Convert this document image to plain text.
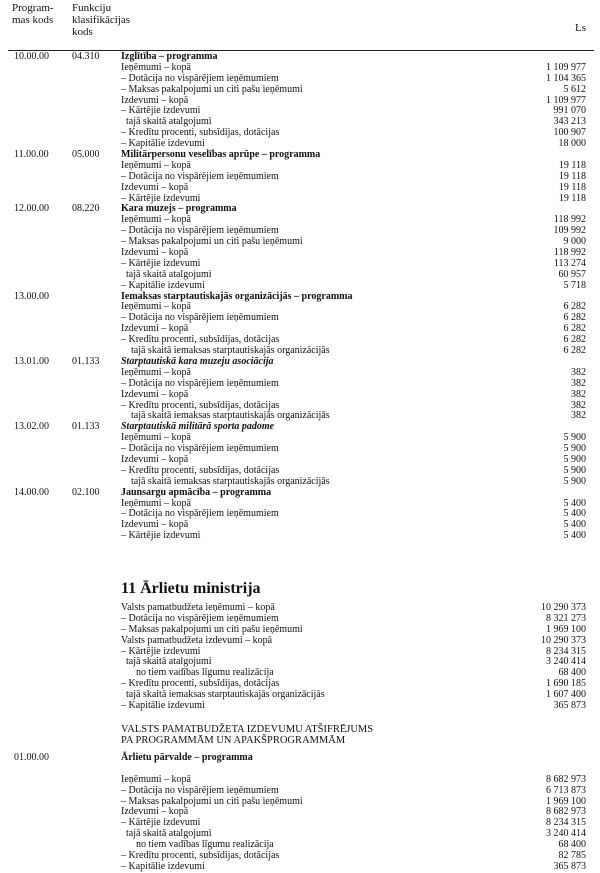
Program-
mas kods
Funkciju
klasifikācijas
kods	Ls
10.00.00 04.310 Izglītība – programma
Ieņēmumi – kopā	1 109 977
– Dotācija no vispārējiem ieņēmumiem	1 104 365
– Maksas pakalpojumi un citi pašu ieņēmumi	5 612
Izdevumi – kopā	1 109 977
– Kārtējie izdevumi	991 070
tajā skaitā atalgojumi	343 213
– Kredītu procenti, subsīdijas, dotācijas	100 907
– Kapitālie izdevumi	18 000
11.00.00 05.000 Militārpersonu veselības aprūpe – programma
Ieņēmumi – kopā	19 118
– Dotācija no vispārējiem ieņēmumiem	19 118
Izdevumi – kopā	19 118
– Kārtējie izdevumi	19 118
12.00.00 08.220 Kara muzejs – programma
Ieņēmumi – kopā	118 992
– Dotācija no vispārējiem ieņēmumiem	109 992
– Maksas pakalpojumi un citi pašu ieņēmumi	9 000
Izdevumi – kopā	118 992
– Kārtējie izdevumi	113 274
tajā skaitā atalgojumi	60 957
– Kapitālie izdevumi	5 718
13.00.00	Iemaksas starptautiskajās organizācijās – programma
Ieņēmumi – kopā	6 282
– Dotācija no vispārējiem ieņēmumiem	6 282
Izdevumi – kopā	6 282
– Kredītu procenti, subsīdijas, dotācijas	6 282
tajā skaitā iemaksas starptautiskajās organizācijās	6 282
13.01.00 01.133 Starptautiskā kara muzeju asociācija
Ieņēmumi – kopā	382
– Dotācija no vispārējiem ieņēmumiem	382
Izdevumi – kopā	382
– Kredītu procenti, subsīdijas, dotācijas	382
tajā skaitā iemaksas starptautiskajās organizācijās	382
13.02.00 01.133 Starptautiskā militārā sporta padome
Ieņēmumi – kopā	5 900
– Dotācija no vispārējiem ieņēmumiem	5 900
Izdevumi – kopā	5 900
– Kredītu procenti, subsīdijas, dotācijas	5 900
tajā skaitā iemaksas starptautiskajās organizācijās	5 900
14.00.00 02.100 Jaunsargu apmācība – programma
Ieņēmumi – kopā	5 400
– Dotācija no vispārējiem ieņēmumiem	5 400
Izdevumi – kopā	5 400
– Kārtējie izdevumi	5 400
11 Ārlietu ministrija
Valsts pamatbudžeta ieņēmumi – kopā	10 290 373
– Dotācija no vispārējiem ieņēmumiem	8 321 273
– Maksas pakalpojumi un citi pašu ieņēmumi	1 969 100
Valsts pamatbudžeta izdevumi – kopā	10 290 373
– Kārtējie izdevumi	8 234 315
tajā skaitā atalgojumi	3 240 414
no tiem vadības līgumu realizācija	68 400
– Kredītu procenti, subsīdijas, dotācijas	1 690 185
tajā skaitā iemaksas starptautiskajās organizācijās	1 607 400
– Kapitālie izdevumi	365 873
VALSTS PAMATBUDŽETA IZDEVUMU ATŠIFRĒJUMS
PA PROGRAMMĀM UN APAKŠPROGRAMMĀM
01.00.00	Ārlietu pārvalde – programma
Ieņēmumi – kopā	8 682 973
– Dotācija no vispārējiem ieņēmumiem	6 713 873
– Maksas pakalpojumi un citi pašu ieņēmumi	1 969 100
Izdevumi – kopā	8 682 973
– Kārtējie izdevumi	8 234 315
tajā skaitā atalgojumi	3 240 414
no tiem vadības līgumu realizācija	68 400
– Kredītu procenti, subsīdijas, dotācijas	82 785
– Kapitālie izdevumi	365 873
